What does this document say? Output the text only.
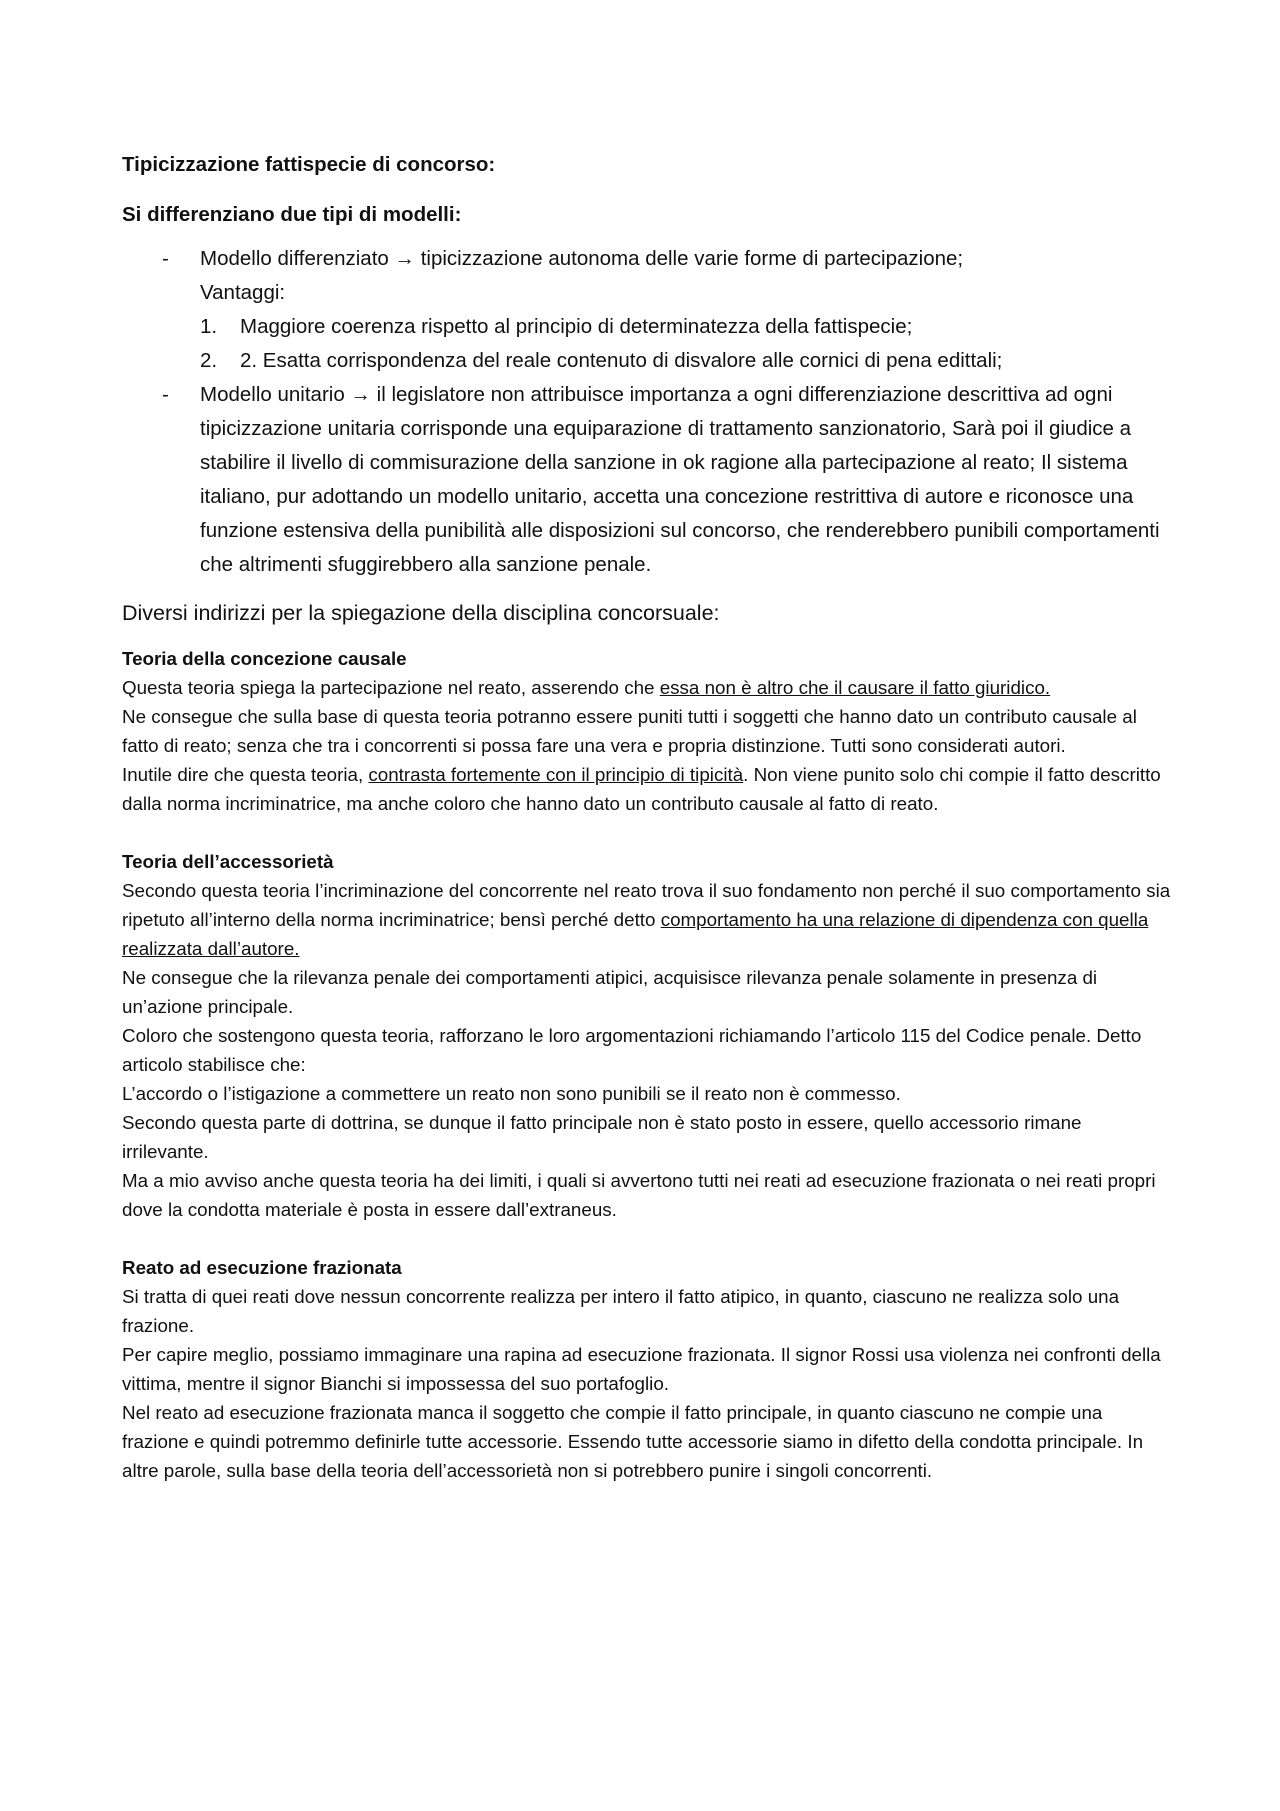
Tipicizzazione fattispecie di concorso:

Si differenziano due tipi di modelli:

- Modello differenziato → tipicizzazione autonoma delle varie forme di partecipazione;
Vantaggi:
1. Maggiore coerenza rispetto al principio di determinatezza della fattispecie;
2. 2. Esatta corrispondenza del reale contenuto di disvalore alle cornici di pena edittali;
- Modello unitario → il legislatore non attribuisce importanza a ogni differenziazione descrittiva ad ogni tipicizzazione unitaria corrisponde una equiparazione di trattamento sanzionatorio, Sarà poi il giudice a stabilire il livello di commisurazione della sanzione in ok ragione alla partecipazione al reato; Il sistema italiano, pur adottando un modello unitario, accetta una concezione restrittiva di autore e riconosce una funzione estensiva della punibilità alle disposizioni sul concorso, che renderebbero punibili comportamenti che altrimenti sfuggirebbero alla sanzione penale.

Diversi indirizzi per la spiegazione della disciplina concorsuale:

Teoria della concezione causale

Questa teoria spiega la partecipazione nel reato, asserendo che essa non è altro che il causare il fatto giuridico.

Ne consegue che sulla base di questa teoria potranno essere puniti tutti i soggetti che hanno dato un contributo causale al fatto di reato; senza che tra i concorrenti si possa fare una vera e propria distinzione. Tutti sono considerati autori.

Inutile dire che questa teoria, contrasta fortemente con il principio di tipicità. Non viene punito solo chi compie il fatto descritto dalla norma incriminatrice, ma anche coloro che hanno dato un contributo causale al fatto di reato.

Teoria dell’accessorietà

Secondo questa teoria l’incriminazione del concorrente nel reato trova il suo fondamento non perché il suo comportamento sia ripetuto all’interno della norma incriminatrice; bensì perché detto comportamento ha una relazione di dipendenza con quella realizzata dall’autore.

Ne consegue che la rilevanza penale dei comportamenti atipici, acquisisce rilevanza penale solamente in presenza di un’azione principale.

Coloro che sostengono questa teoria, rafforzano le loro argomentazioni richiamando l’articolo 115 del Codice penale. Detto articolo stabilisce che:

L’accordo o l’istigazione a commettere un reato non sono punibili se il reato non è commesso.

Secondo questa parte di dottrina, se dunque il fatto principale non è stato posto in essere, quello accessorio rimane irrilevante.

Ma a mio avviso anche questa teoria ha dei limiti, i quali si avvertono tutti nei reati ad esecuzione frazionata o nei reati propri dove la condotta materiale è posta in essere dall’extraneus.

Reato ad esecuzione frazionata

Si tratta di quei reati dove nessun concorrente realizza per intero il fatto atipico, in quanto, ciascuno ne realizza solo una frazione.

Per capire meglio, possiamo immaginare una rapina ad esecuzione frazionata. Il signor Rossi usa violenza nei confronti della vittima, mentre il signor Bianchi si impossessa del suo portafoglio.

Nel reato ad esecuzione frazionata manca il soggetto che compie il fatto principale, in quanto ciascuno ne compie una frazione e quindi potremmo definirle tutte accessorie. Essendo tutte accessorie siamo in difetto della condotta principale. In altre parole, sulla base della teoria dell’accessorietà non si potrebbero punire i singoli concorrenti.
